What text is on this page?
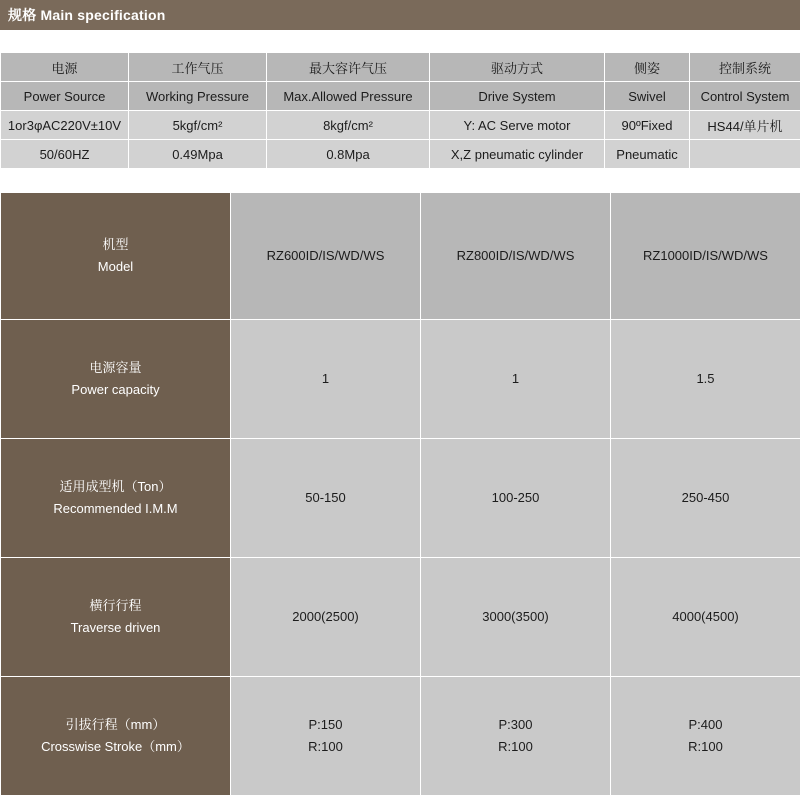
规格 Main specification
电源	工作气压	最大容许气压	驱动方式	侧姿	控制系统
Power Source	Working Pressure	Max.Allowed Pressure	Drive System	Swivel	Control System
1or3φAC220V±10V	5kgf/cm²	8kgf/cm²	Y: AC Serve motor	90ºFixed	HS44/单片机
50/60HZ	0.49Mpa	0.8Mpa	X,Z pneumatic cylinder	Pneumatic	
机型
Model	RZ600ID/IS/WD/WS	RZ800ID/IS/WD/WS	RZ1000ID/IS/WD/WS

电源容量
Power capacity	1	1	1.5

适用成型机（Ton）
Recommended I.M.M	50-150	100-250	250-450

横行行程
Traverse driven	2000(2500)	3000(3500)	4000(4500)

引拔行程（mm）
Crosswise Stroke（mm）	P:150
R:100	P:300
R:100	P:400
R:100
